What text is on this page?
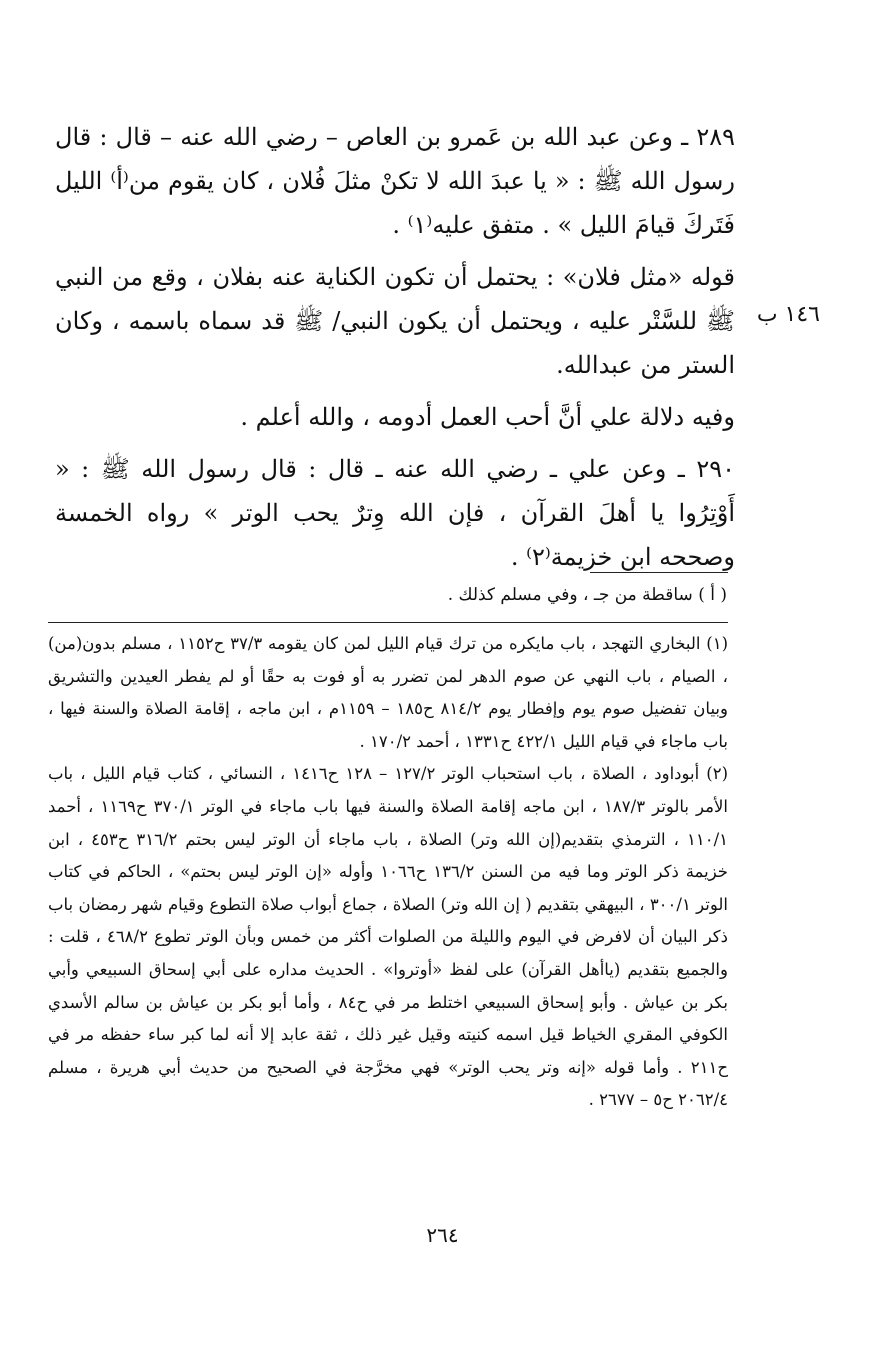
٢٨٩ ـ وعن عبد الله بن عَمرو بن العاص – رضي الله عنه – قال : قال رسول الله ﷺ : « يا عبدَ الله لا تكنْ مثلَ فُلان ، كان يقوم من⁽أ⁾ الليل فَتَركَ قيامَ الليل » . متفق عليه⁽١⁾ .

قوله «مثل فلان» : يحتمل أن تكون الكناية عنه بفلان ، وقع من النبي ﷺ للسَّتْر عليه ، ويحتمل أن يكون النبي/ ﷺ قد سماه باسمه ، وكان الستر من عبدالله.

وفيه دلالة علي أنَّ أحب العمل أدومه ، والله أعلم .

٢٩٠ ـ وعن علي ـ رضي الله عنه ـ قال : قال رسول الله ﷺ : « أَوْتِرُوا يا أهلَ القرآن ، فإن الله وِترٌ يحب الوتر » رواه الخمسة وصححه ابن خزيمة⁽٢⁾ .

١٤٦ ب
( أ ) ساقطة من جـ ، وفي مسلم كذلك .

(١) البخاري التهجد ، باب مايكره من ترك قيام الليل لمن كان يقومه ٣٧/٣ ح١١٥٢ ، مسلم بدون(من) ، الصيام ، باب النهي عن صوم الدهر لمن تضرر به أو فوت به حقًا أو لم يفطر العيدين والتشريق وبيان تفضيل صوم يوم وإفطار يوم ٨١٤/٢ ح١٨٥ – ١١٥٩م ، ابن ماجه ، إقامة الصلاة والسنة فيها ، باب ماجاء في قيام الليل ٤٢٢/١ ح١٣٣١ ، أحمد ١٧٠/٢ .

(٢) أبوداود ، الصلاة ، باب استحباب الوتر ١٢٧/٢ – ١٢٨ ح١٤١٦ ، النسائي ، كتاب قيام الليل ، باب الأمر بالوتر ١٨٧/٣ ، ابن ماجه إقامة الصلاة والسنة فيها باب ماجاء في الوتر ٣٧٠/١ ح١١٦٩ ، أحمد ١١٠/١ ، الترمذي بتقديم(إن الله وتر) الصلاة ، باب ماجاء أن الوتر ليس بحتم ٣١٦/٢ ح٤٥٣ ، ابن خزيمة ذكر الوتر وما فيه من السنن ١٣٦/٢ ح١٠٦٦ وأوله «إن الوتر ليس بحتم» ، الحاكم في كتاب الوتر ٣٠٠/١ ، البيهقي بتقديم ( إن الله وتر) الصلاة ، جماع أبواب صلاة التطوع وقيام شهر رمضان باب ذكر البيان أن لافرض في اليوم والليلة من الصلوات أكثر من خمس وبأن الوتر تطوع ٤٦٨/٢ ، قلت : والجميع بتقديم (ياأهل القرآن) على لفظ «أوتروا» . الحديث مداره على أبي إسحاق السبيعي وأبي بكر بن عياش . وأبو إسحاق السبيعي اختلط مر في ح٨٤ ، وأما أبو بكر بن عياش بن سالم الأسدي الكوفي المقري الخياط قيل اسمه كنيته وقيل غير ذلك ، ثقة عابد إلا أنه لما كبر ساء حفظه مر في ح٢١١ . وأما قوله «إنه وتر يحب الوتر» فهي مخرَّجة في الصحيح من حديث أبي هريرة ، مسلم ٢٠٦٢/٤ ح٥ – ٢٦٧٧ .

٢٦٤
